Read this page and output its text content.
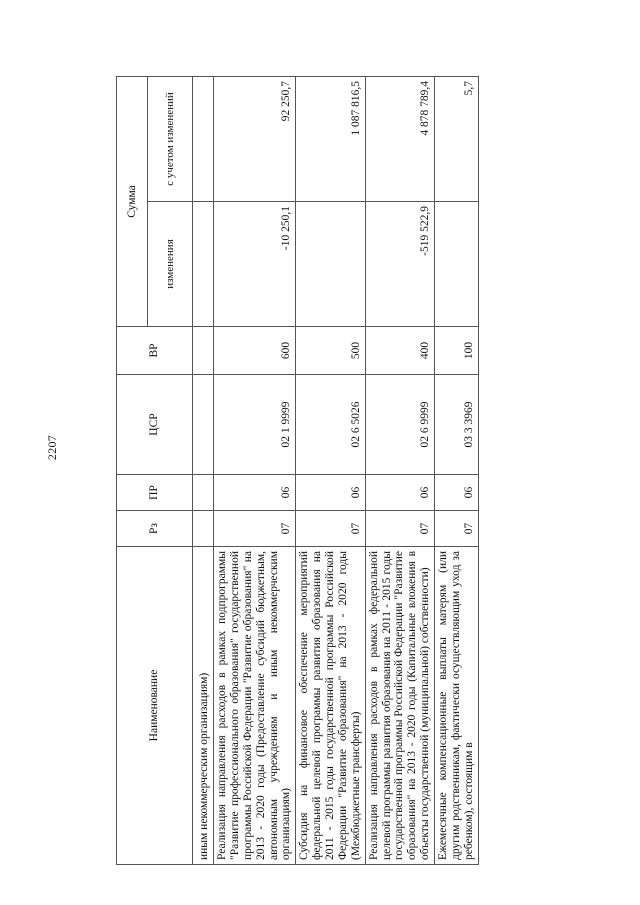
2207
Наименование	Рз	ПР	ЦСР	ВР	Сумма	
					изменения	с учетом изменений
иным некоммерческим организациям)						
Реализация направления расходов в рамках подпрограммы "Развитие профессионального образования" государственной программы Российской Федерации "Развитие образования" на 2013 - 2020 годы (Предоставление субсидий бюджетным, автономным учреждениям и иным некоммерческим организациям)	07	06	02 1 9999	600	-10 250,1	92 250,7
Субсидия на финансовое обеспечение мероприятий федеральной целевой программы развития образования на 2011 - 2015 годы государственной программы Российской Федерации "Развитие образования" на 2013 - 2020 годы (Межбюджетные трансферты)	07	06	02 6 5026	500		1 087 816,5
Реализация направления расходов в рамках федеральной целевой программы развития образования на 2011 - 2015 годы государственной программы Российской Федерации "Развитие образования" на 2013 - 2020 годы (Капитальные вложения в объекты государственной (муниципальной) собственности)	07	06	02 6 9999	400	-519 522,9	4 878 789,4
Ежемесячные компенсационные выплаты матерям (или другим родственникам, фактически осуществляющим уход за ребенком), состоящим в	07	06	03 3 3969	100		5,7
